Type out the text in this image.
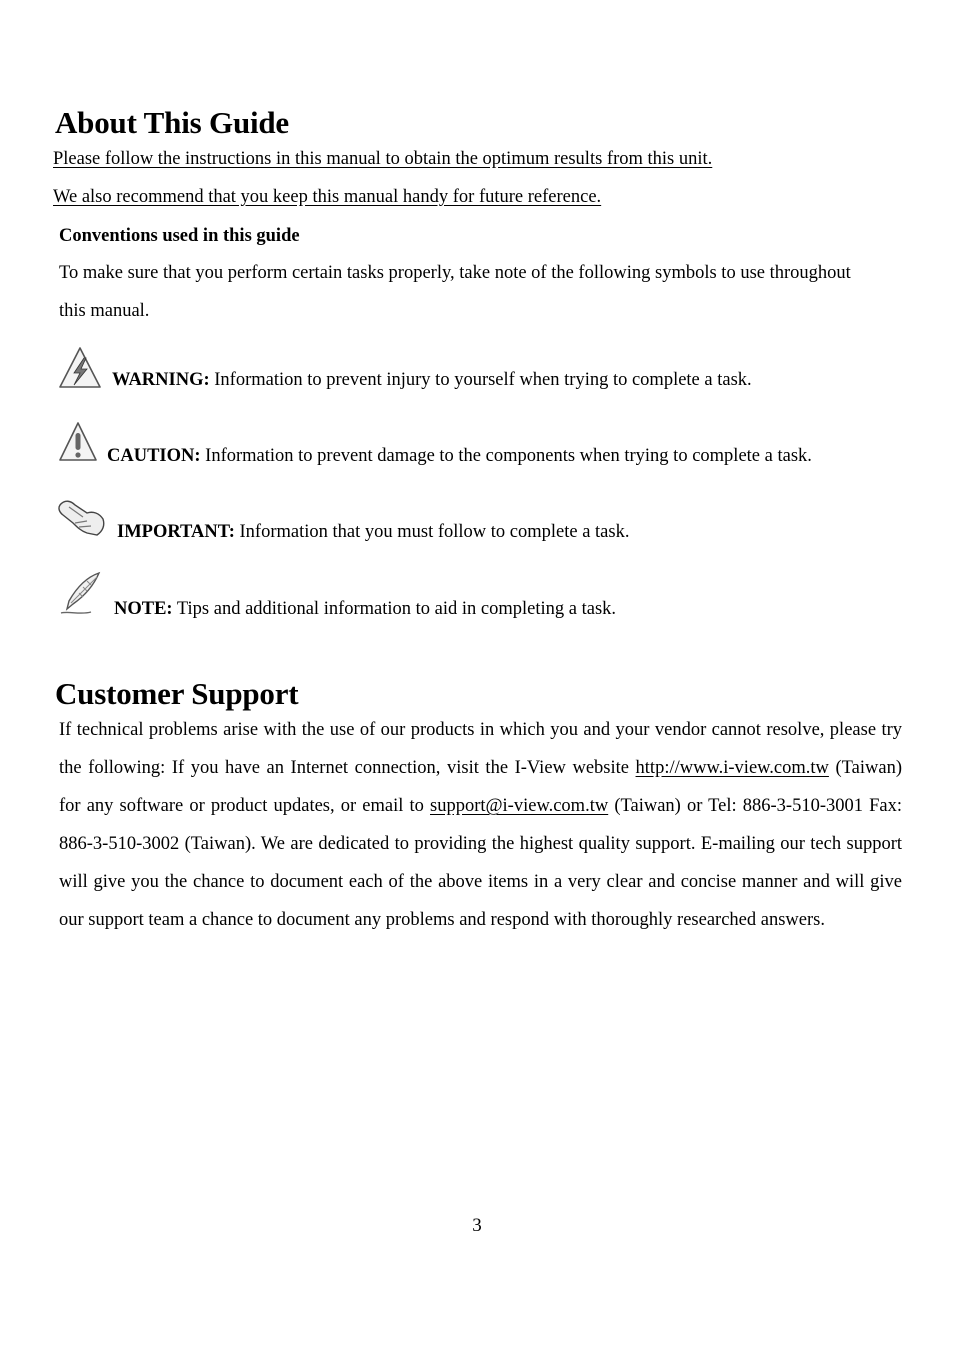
About This Guide

Please follow the instructions in this manual to obtain the optimum results from this unit.

We also recommend that you keep this manual handy for future reference.

Conventions used in this guide

To make sure that you perform certain tasks properly, take note of the following symbols to use throughout

this manual.

WARNING: Information to prevent injury to yourself when trying to complete a task.
CAUTION: Information to prevent damage to the components when trying to complete a task.
IMPORTANT: Information that you must follow to complete a task.
NOTE: Tips and additional information to aid in completing a task.
Customer Support

If technical problems arise with the use of our products in which you and your vendor cannot resolve, please try the following: If you have an Internet connection, visit the I-View website http://www.i-view.com.tw (Taiwan) for any software or product updates, or email to support@i-view.com.tw (Taiwan) or Tel: 886-3-510-3001 Fax: 886-3-510-3002 (Taiwan). We are dedicated to providing the highest quality support. E-mailing our tech support will give you the chance to document each of the above items in a very clear and concise manner and will give our support team a chance to document any problems and respond with thoroughly researched answers.

3
